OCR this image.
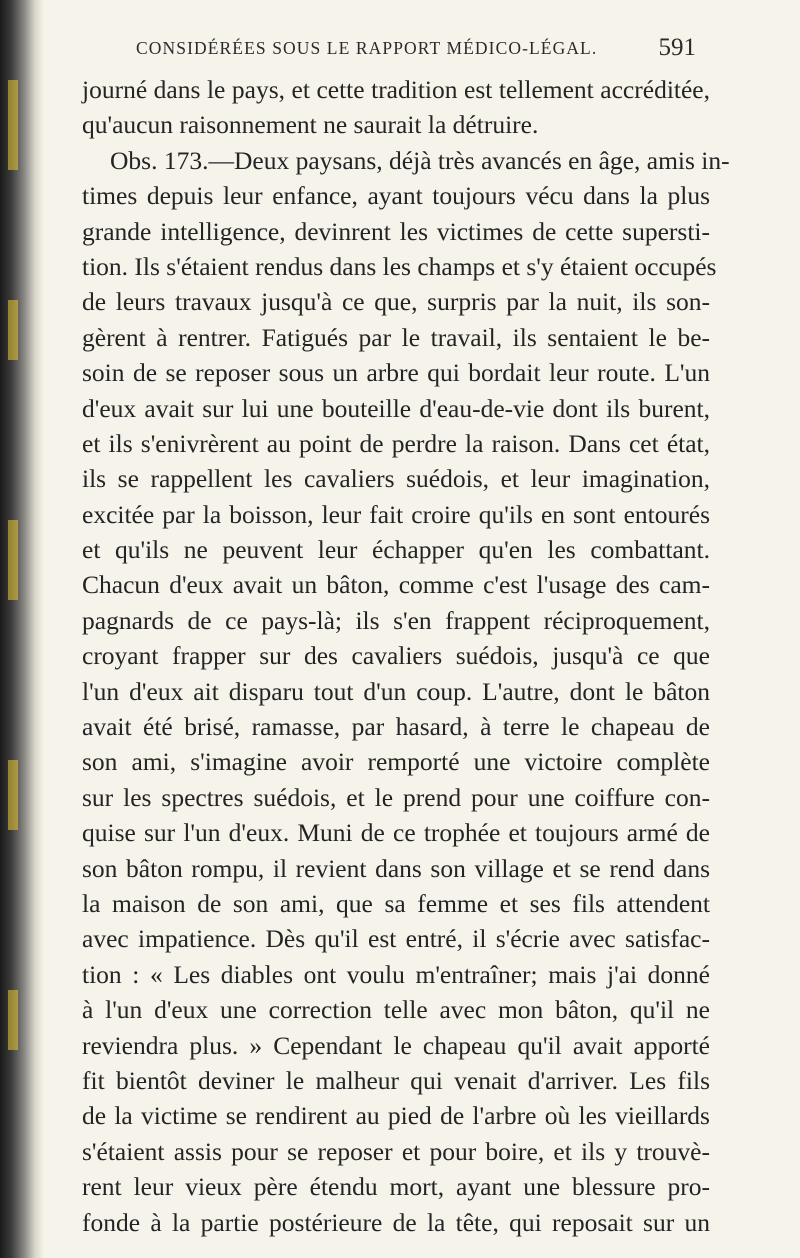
CONSIDÉRÉES SOUS LE RAPPORT MÉDICO-LÉGAL. 591
journé dans le pays, et cette tradition est tellement accréditée,
qu'aucun raisonnement ne saurait la détruire.
Obs. 173.—Deux paysans, déjà très avancés en âge, amis in-
times depuis leur enfance, ayant toujours vécu dans la plus
grande intelligence, devinrent les victimes de cette supersti-
tion. Ils s'étaient rendus dans les champs et s'y étaient occupés
de leurs travaux jusqu'à ce que, surpris par la nuit, ils son-
gèrent à rentrer. Fatigués par le travail, ils sentaient le be-
soin de se reposer sous un arbre qui bordait leur route. L'un
d'eux avait sur lui une bouteille d'eau-de-vie dont ils burent,
et ils s'enivrèrent au point de perdre la raison. Dans cet état,
ils se rappellent les cavaliers suédois, et leur imagination,
excitée par la boisson, leur fait croire qu'ils en sont entourés
et qu'ils ne peuvent leur échapper qu'en les combattant.
Chacun d'eux avait un bâton, comme c'est l'usage des cam-
pagnards de ce pays-là; ils s'en frappent réciproquement,
croyant frapper sur des cavaliers suédois, jusqu'à ce que
l'un d'eux ait disparu tout d'un coup. L'autre, dont le bâton
avait été brisé, ramasse, par hasard, à terre le chapeau de
son ami, s'imagine avoir remporté une victoire complète
sur les spectres suédois, et le prend pour une coiffure con-
quise sur l'un d'eux. Muni de ce trophée et toujours armé de
son bâton rompu, il revient dans son village et se rend dans
la maison de son ami, que sa femme et ses fils attendent
avec impatience. Dès qu'il est entré, il s'écrie avec satisfac-
tion : « Les diables ont voulu m'entraîner; mais j'ai donné
à l'un d'eux une correction telle avec mon bâton, qu'il ne
reviendra plus. » Cependant le chapeau qu'il avait apporté
fit bientôt deviner le malheur qui venait d'arriver. Les fils
de la victime se rendirent au pied de l'arbre où les vieillards
s'étaient assis pour se reposer et pour boire, et ils y trouvè-
rent leur vieux père étendu mort, ayant une blessure pro-
fonde à la partie postérieure de la tête, qui reposait sur un
